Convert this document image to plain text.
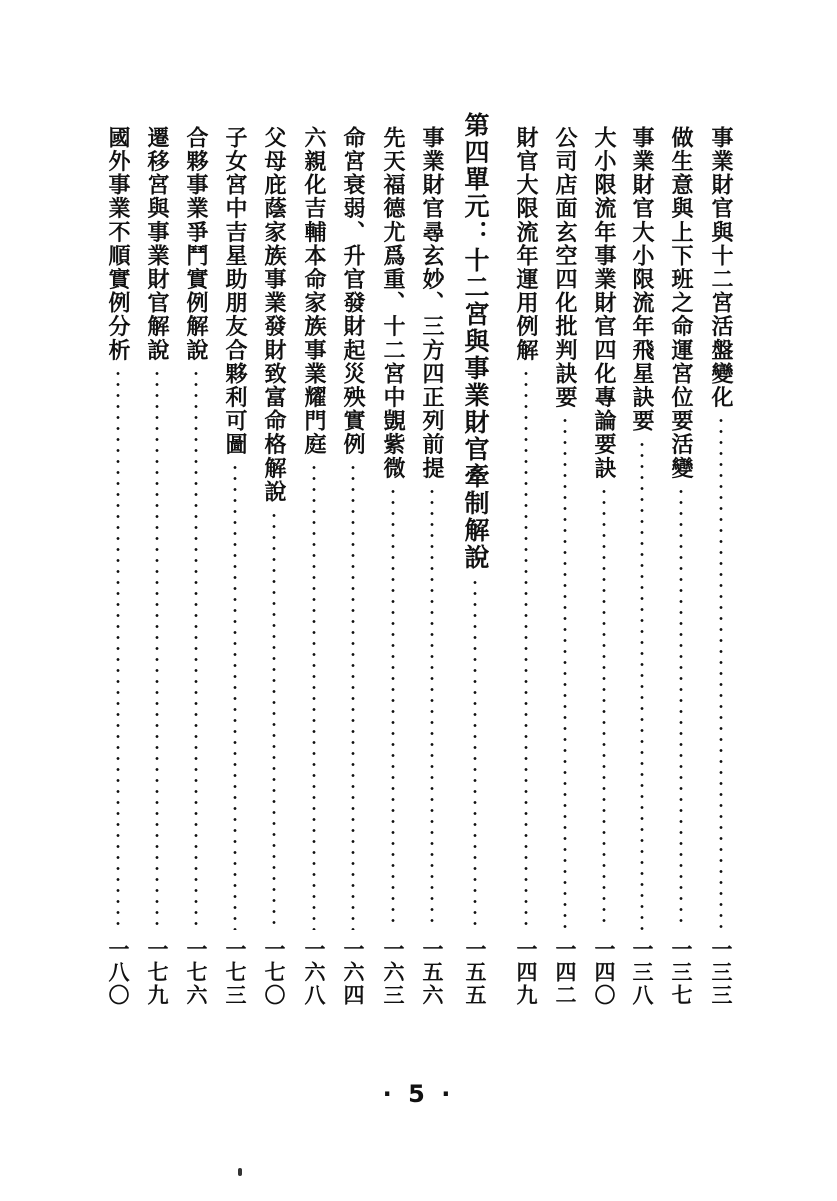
事業財官與十二宮活盤變化
一三三
做生意與上下班之命運宮位要活變
一三七
事業財官大小限流年飛星訣要
一三八
大小限流年事業財官四化專論要訣
一四〇
公司店面玄空四化批判訣要
一四二
財官大限流年運用例解
一四九
第四單元：十二宮與事業財官牽制解說
一五五
事業財官尋玄妙、三方四正列前提
一五六
先天福德尤爲重、十二宮中覬紫微
一六三
命宮衰弱、升官發財起災殃實例
一六四
六親化吉輔本命家族事業耀門庭
一六八
父母庇蔭家族事業發財致富命格解說
一七〇
子女宮中吉星助朋友合夥利可圖
一七三
合夥事業爭鬥實例解說
一七六
遷移宮與事業財官解說
一七九
國外事業不順實例分析
一八〇
· 5 ·
